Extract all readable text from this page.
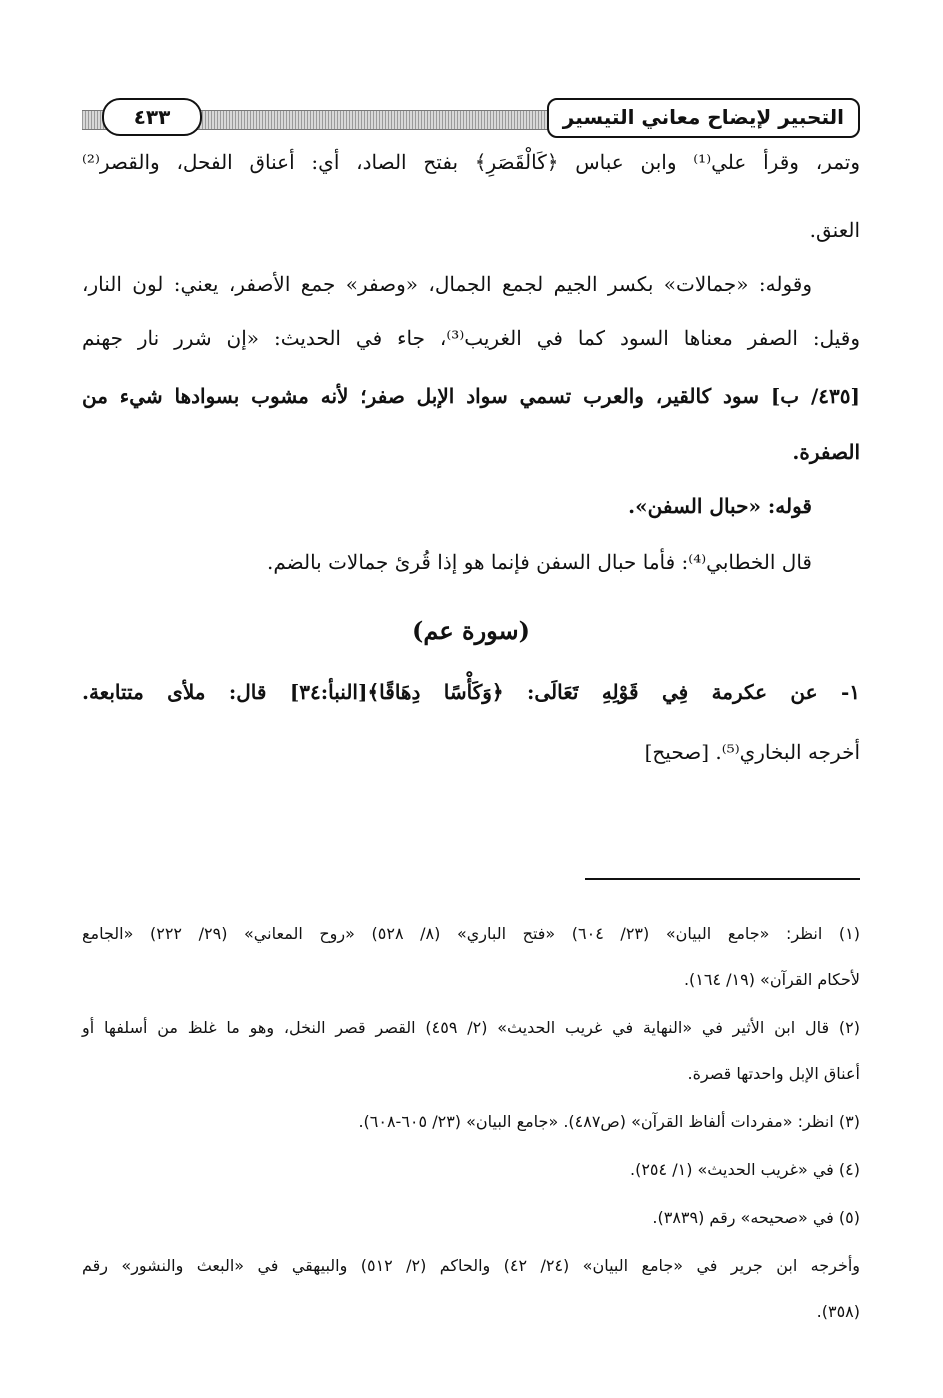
التحبير لإيضاح معاني التيسير
٤٣٣
وتمر، وقرأ علي⁽¹⁾ وابن عباس ﴿كَالْقَصَرِ﴾ بفتح الصاد، أي: أعناق الفحل، والقصر⁽²⁾
العنق.
وقوله: «جمالات» بكسر الجيم لجمع الجمال، «وصفر» جمع الأصفر، يعني: لون النار،
وقيل: الصفر معناها السود كما في الغريب⁽³⁾، جاء في الحديث: «إن شرر نار جهنم
[٤٣٥/ ب] سود كالقير، والعرب تسمي سواد الإبل صفر؛ لأنه مشوب بسوادها شيء من
الصفرة.
قوله: «حبال السفن».
قال الخطابي⁽⁴⁾: فأما حبال السفن فإنما هو إذا قُرئ جمالات بالضم.
(سورة عم)
١- عن عكرمة فِي قَوْلِهِ تَعَالَى: ﴿وَكَأْسًا دِهَاقًا﴾[النبأ:٣٤] قال: ملأى متتابعة.
أخرجه البخاري⁽⁵⁾. [صحيح]
(١) انظر: «جامع البيان» (٢٣/ ٦٠٤) «فتح الباري» (٨/ ٥٢٨) «روح المعاني» (٢٩/ ٢٢٢) «الجامع
لأحكام القرآن» (١٩/ ١٦٤).
(٢) قال ابن الأثير في «النهاية في غريب الحديث» (٢/ ٤٥٩) القصر قصر النخل، وهو ما غلظ من أسلفها أو
أعناق الإبل واحدتها قصرة.
(٣) انظر: «مفردات ألفاظ القرآن» (ص٤٨٧). «جامع البيان» (٢٣/ ٦٠٥-٦٠٨).
(٤) في «غريب الحديث» (١/ ٢٥٤).
(٥) في «صحيحه» رقم (٣٨٣٩).
وأخرجه ابن جرير في «جامع البيان» (٢٤/ ٤٢) والحاكم (٢/ ٥١٢) والبيهقي في «البعث والنشور» رقم
(٣٥٨).
